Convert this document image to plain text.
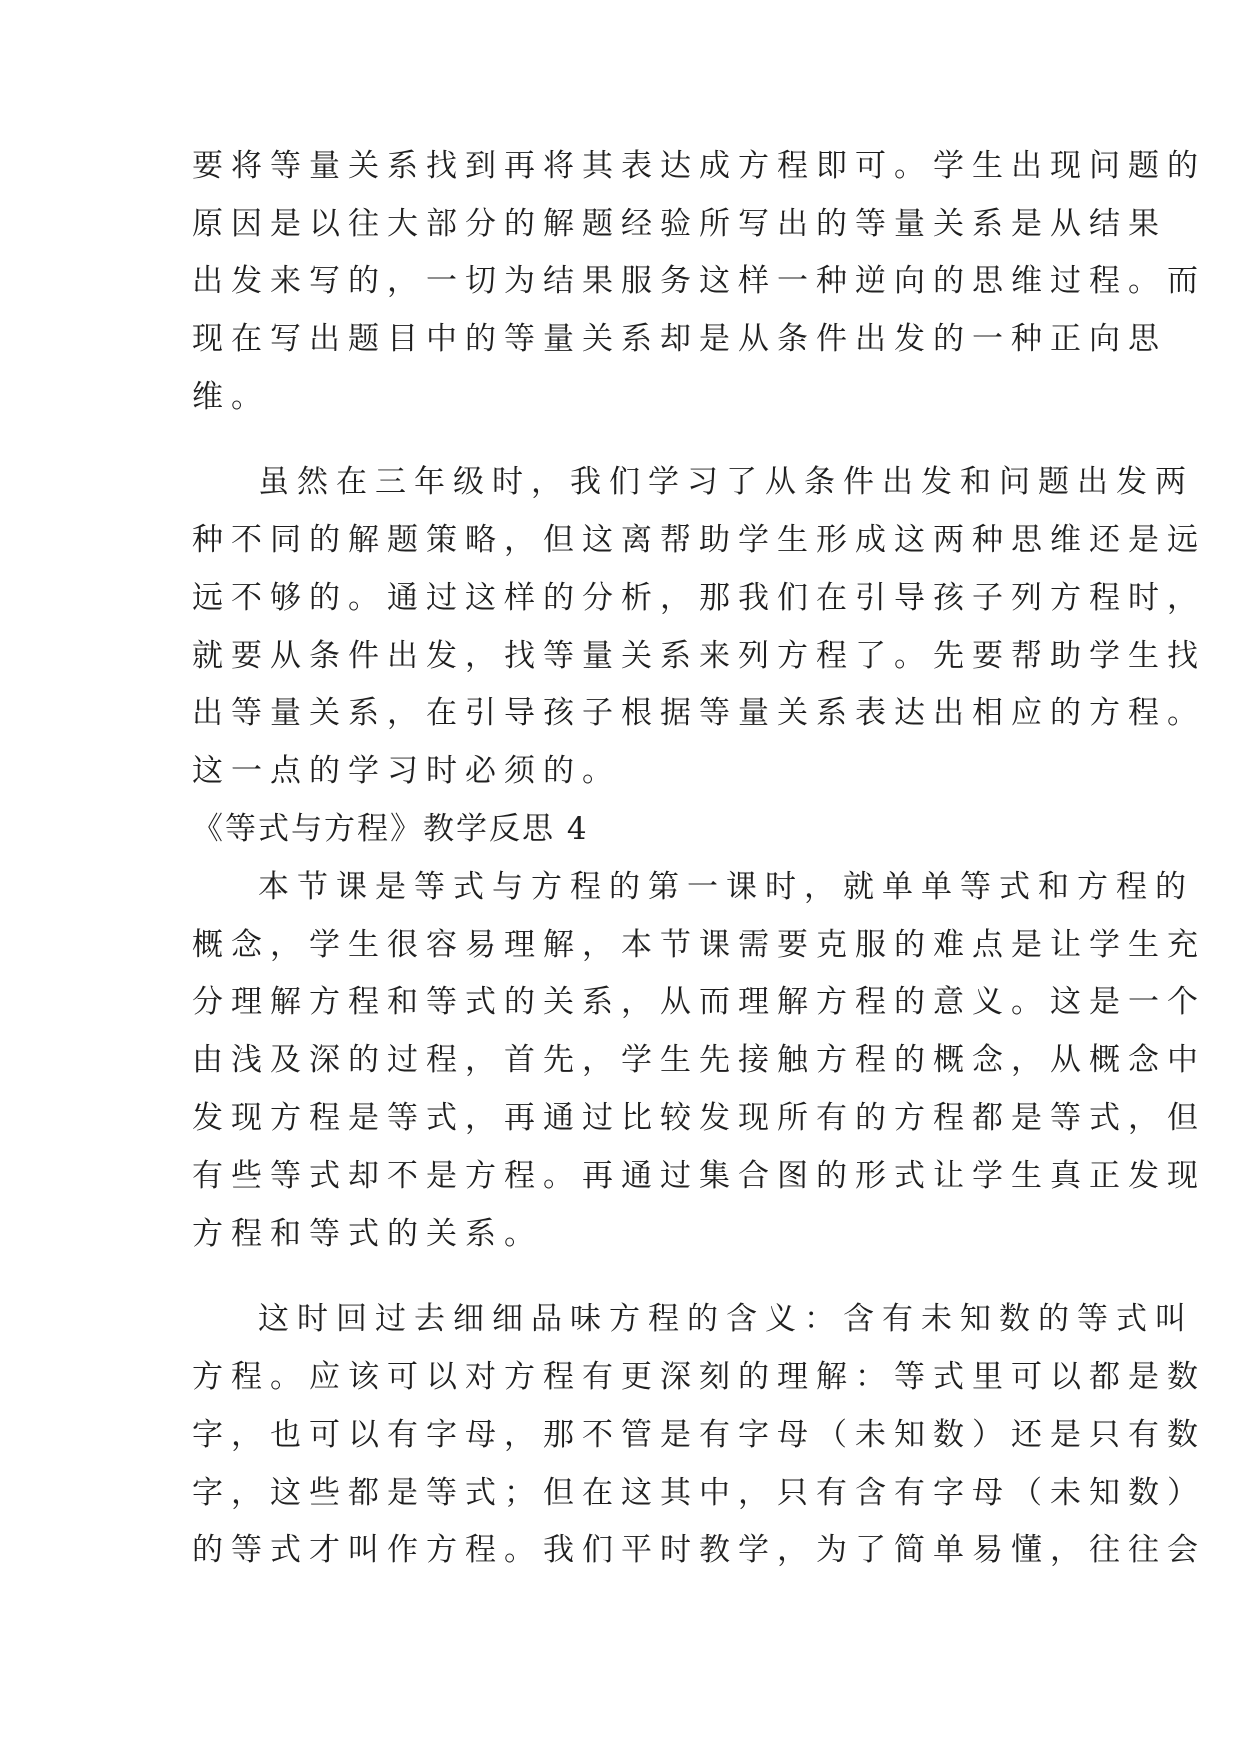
要将等量关系找到再将其表达成方程即可。学生出现问题的
原因是以往大部分的解题经验所写出的等量关系是从结果
出发来写的，一切为结果服务这样一种逆向的思维过程。而
现在写出题目中的等量关系却是从条件出发的一种正向思
维。
虽然在三年级时，我们学习了从条件出发和问题出发两
种不同的解题策略，但这离帮助学生形成这两种思维还是远
远不够的。通过这样的分析，那我们在引导孩子列方程时，
就要从条件出发，找等量关系来列方程了。先要帮助学生找
出等量关系，在引导孩子根据等量关系表达出相应的方程。
这一点的学习时必须的。
《等式与方程》教学反思 4
本节课是等式与方程的第一课时，就单单等式和方程的
概念，学生很容易理解，本节课需要克服的难点是让学生充
分理解方程和等式的关系，从而理解方程的意义。这是一个
由浅及深的过程，首先，学生先接触方程的概念，从概念中
发现方程是等式，再通过比较发现所有的方程都是等式，但
有些等式却不是方程。再通过集合图的形式让学生真正发现
方程和等式的关系。
这时回过去细细品味方程的含义：含有未知数的等式叫
方程。应该可以对方程有更深刻的理解：等式里可以都是数
字，也可以有字母，那不管是有字母（未知数）还是只有数
字，这些都是等式；但在这其中，只有含有字母（未知数）
的等式才叫作方程。我们平时教学，为了简单易懂，往往会
